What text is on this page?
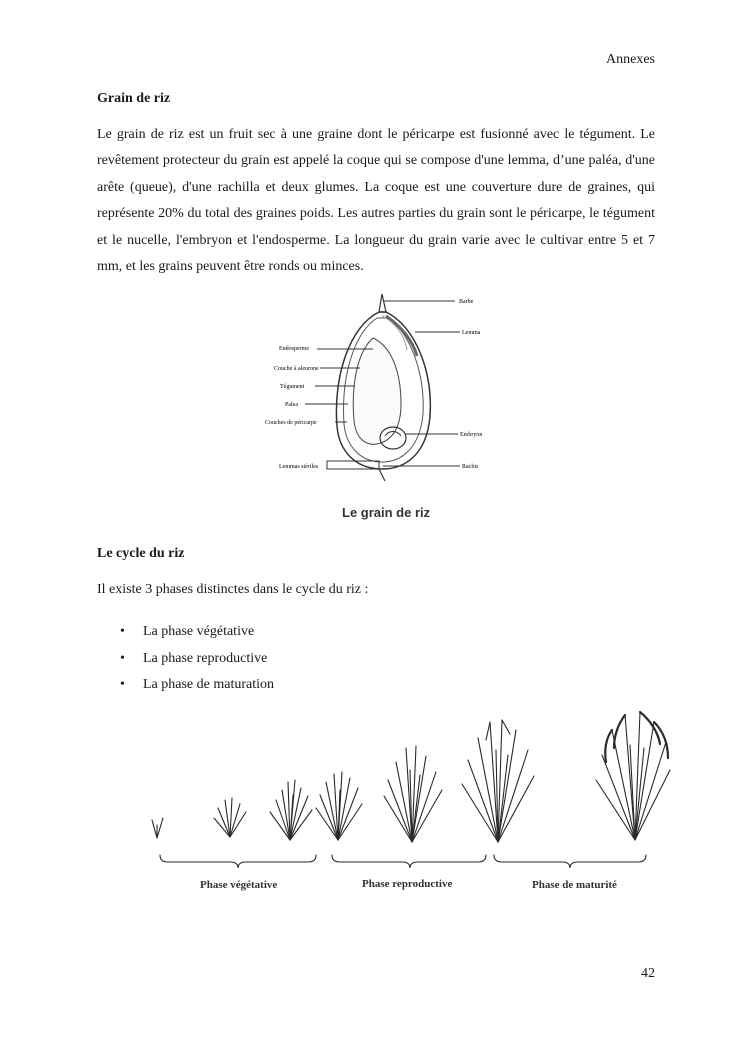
Annexes
Grain de riz

Le grain de riz est un fruit sec à une graine dont le péricarpe est fusionné avec le tégument. Le revêtement protecteur du grain est appelé la coque qui se compose d'une lemma, d’une paléa, d'une arête (queue), d'une rachilla et deux glumes. La coque est une couverture dure de graines, qui représente 20% du total des graines poids. Les autres parties du grain sont le péricarpe, le tégument et le nucelle, l'embryon et l'endosperme. La longueur du grain varie avec le cultivar entre 5 et 7 mm, et les grains peuvent être ronds ou minces.

Barbe
Lemma
Endosperme
Couche à aleurone
Tégument
Palea
Couches de péricarpe
Embryon
Lemmas stériles	Rachis
Le grain de riz
Le cycle du riz
Il existe 3 phases distinctes dans le cycle du riz :
• La phase végétative
• La phase reproductive
• La phase de maturation
Phase végétative	Phase reproductive	Phase de maturité
42
